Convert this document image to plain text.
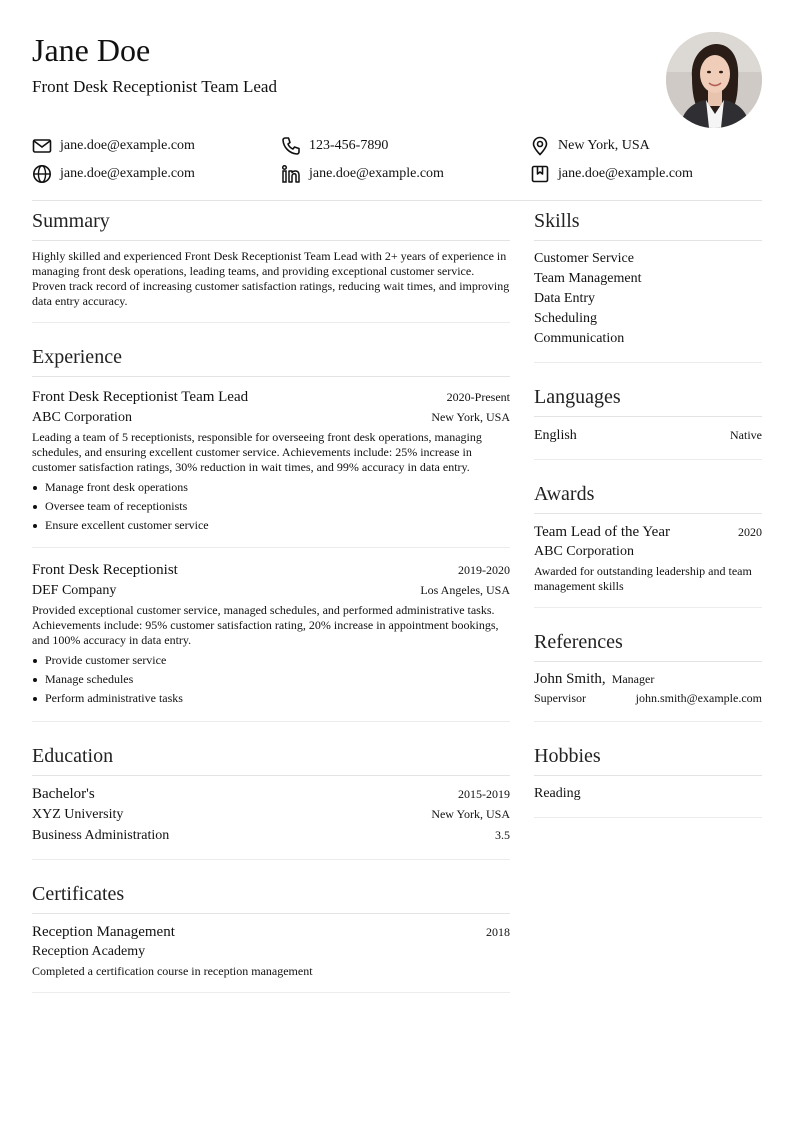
Jane Doe
Front Desk Receptionist Team Lead
jane.doe@example.com	123-456-7890	New York, USA
jane.doe@example.com	jane.doe@example.com	jane.doe@example.com
Summary
Highly skilled and experienced Front Desk Receptionist Team Lead with 2+ years of experience in managing front desk operations, leading teams, and providing exceptional customer service. Proven track record of increasing customer satisfaction ratings, reducing wait times, and improving data entry accuracy.
Experience
Front Desk Receptionist Team Lead	2020-Present
ABC Corporation	New York, USA
Leading a team of 5 receptionists, responsible for overseeing front desk operations, managing schedules, and ensuring excellent customer service. Achievements include: 25% increase in customer satisfaction ratings, 30% reduction in wait times, and 99% accuracy in data entry.
Manage front desk operations
Oversee team of receptionists
Ensure excellent customer service
Front Desk Receptionist	2019-2020
DEF Company	Los Angeles, USA
Provided exceptional customer service, managed schedules, and performed administrative tasks. Achievements include: 95% customer satisfaction rating, 20% increase in appointment bookings, and 100% accuracy in data entry.
Provide customer service
Manage schedules
Perform administrative tasks
Education
Bachelor's	2015-2019
XYZ University	New York, USA
Business Administration	3.5
Certificates
Reception Management	2018
Reception Academy
Completed a certification course in reception management
Skills
Customer Service
Team Management
Data Entry
Scheduling
Communication
Languages
English	Native
Awards
Team Lead of the Year	2020
ABC Corporation
Awarded for outstanding leadership and team management skills
References
John Smith, Manager
Supervisor	john.smith@example.com
Hobbies
Reading
